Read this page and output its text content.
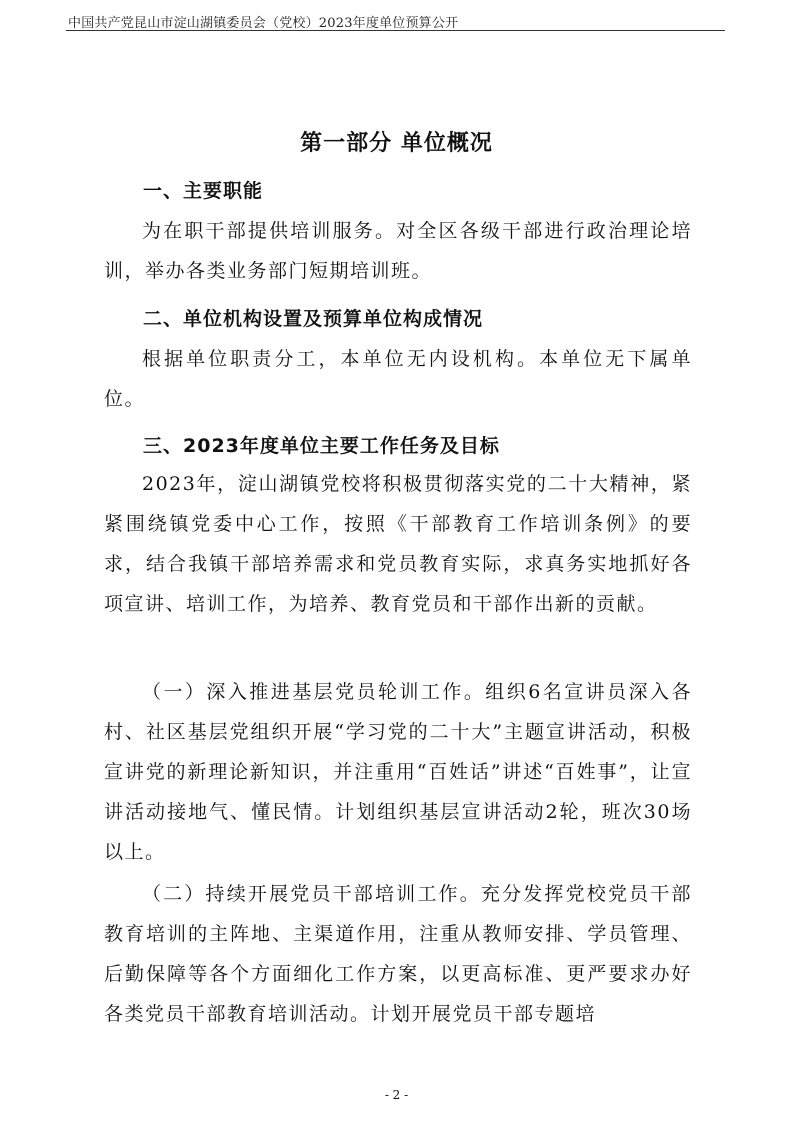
中国共产党昆山市淀山湖镇委员会（党校）2023年度单位预算公开
第一部分 单位概况
一、主要职能

为在职干部提供培训服务。对全区各级干部进行政治理论培训，举办各类业务部门短期培训班。

二、单位机构设置及预算单位构成情况

根据单位职责分工，本单位无内设机构。本单位无下属单位。

三、2023年度单位主要工作任务及目标

2023年，淀山湖镇党校将积极贯彻落实党的二十大精神，紧紧围绕镇党委中心工作，按照《干部教育工作培训条例》的要求，结合我镇干部培养需求和党员教育实际，求真务实地抓好各项宣讲、培训工作，为培养、教育党员和干部作出新的贡献。

（一）深入推进基层党员轮训工作。组织6名宣讲员深入各村、社区基层党组织开展“学习党的二十大”主题宣讲活动，积极宣讲党的新理论新知识，并注重用“百姓话”讲述“百姓事”，让宣讲活动接地气、懂民情。计划组织基层宣讲活动2轮，班次30场以上。

（二）持续开展党员干部培训工作。充分发挥党校党员干部教育培训的主阵地、主渠道作用，注重从教师安排、学员管理、后勤保障等各个方面细化工作方案，以更高标准、更严要求办好各类党员干部教育培训活动。计划开展党员干部专题培

- 2 -
